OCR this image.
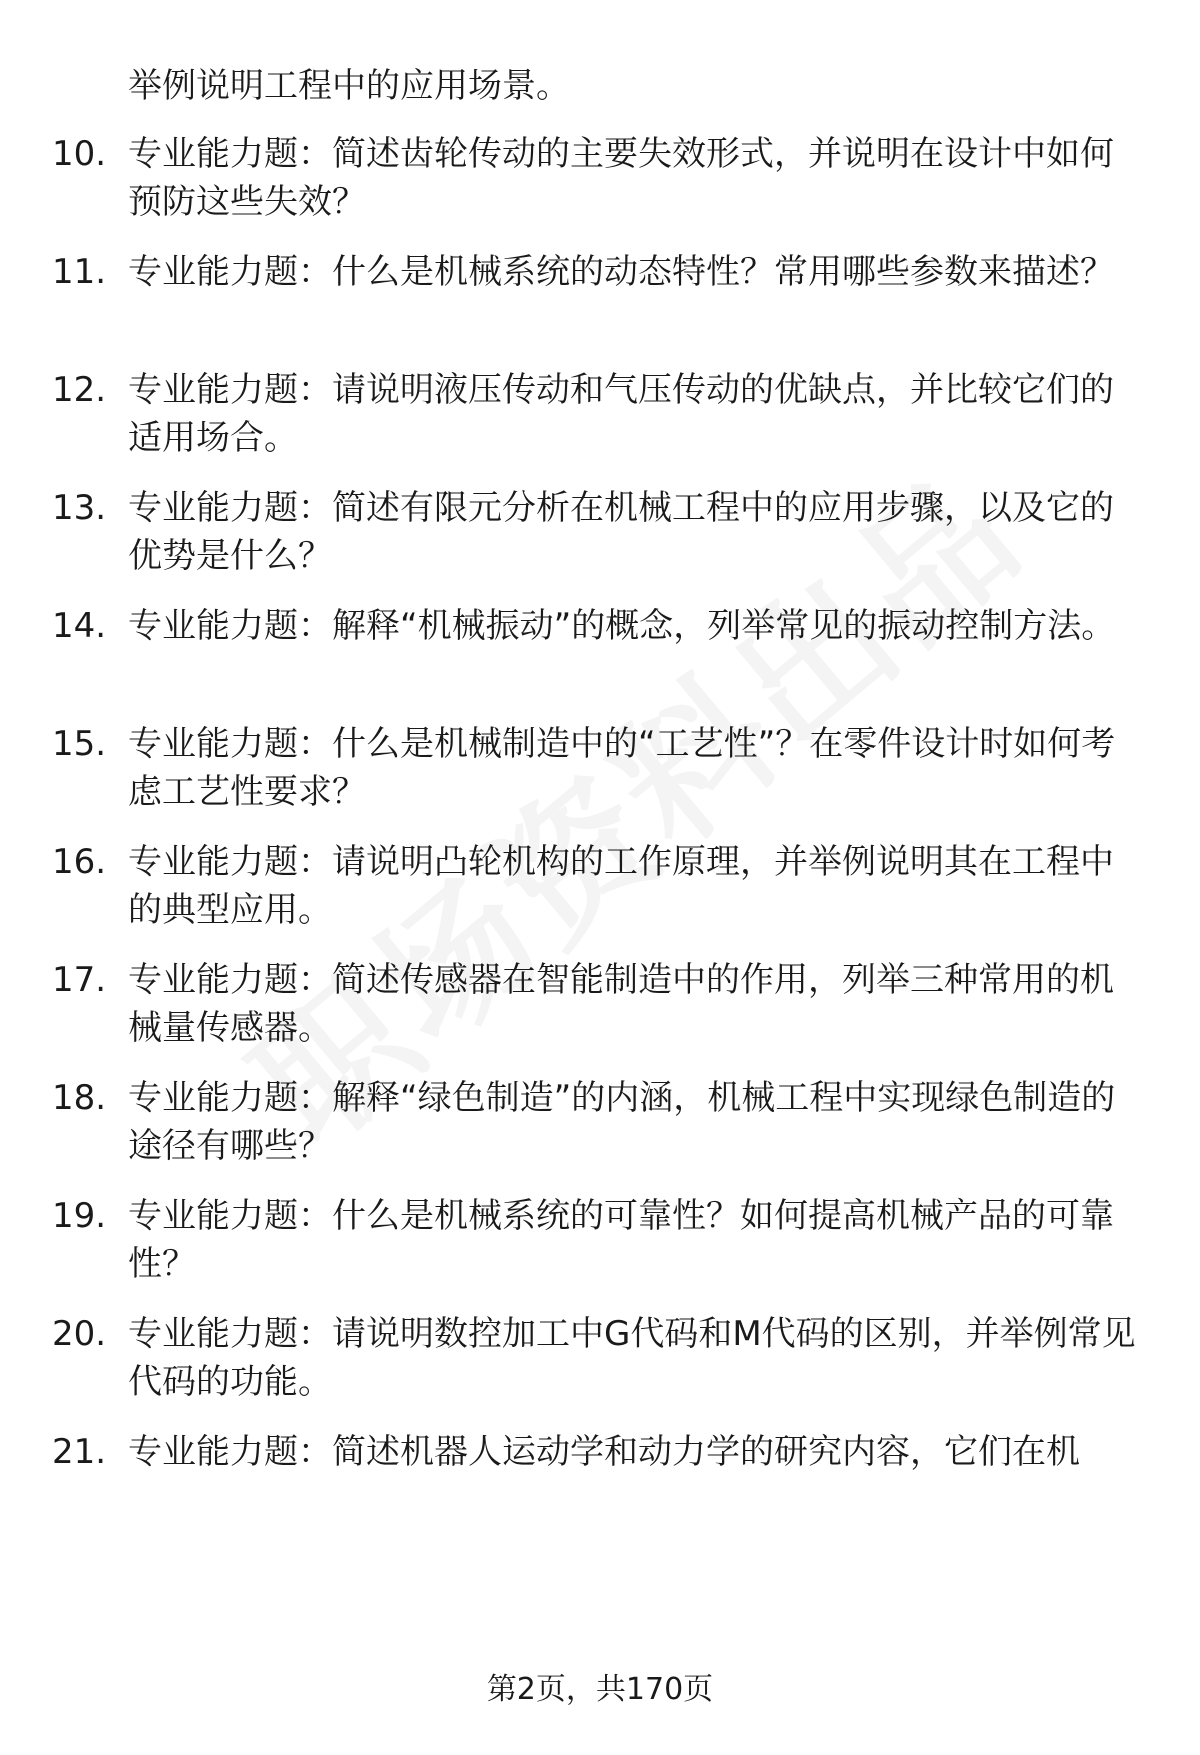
举例说明工程中的应用场景。
10. 专业能力题：简述齿轮传动的主要失效形式，并说明在设计中如何预防这些失效？
11. 专业能力题：什么是机械系统的动态特性？常用哪些参数来描述？
12. 专业能力题：请说明液压传动和气压传动的优缺点，并比较它们的适用场合。
13. 专业能力题：简述有限元分析在机械工程中的应用步骤，以及它的优势是什么？
14. 专业能力题：解释“机械振动”的概念，列举常见的振动控制方法。
15. 专业能力题：什么是机械制造中的“工艺性”？在零件设计时如何考虑工艺性要求？
16. 专业能力题：请说明凸轮机构的工作原理，并举例说明其在工程中的典型应用。
17. 专业能力题：简述传感器在智能制造中的作用，列举三种常用的机械量传感器。
18. 专业能力题：解释“绿色制造”的内涵，机械工程中实现绿色制造的途径有哪些？
19. 专业能力题：什么是机械系统的可靠性？如何提高机械产品的可靠性？
20. 专业能力题：请说明数控加工中G代码和M代码的区别，并举例常见代码的功能。
21. 专业能力题：简述机器人运动学和动力学的研究内容，它们在机
第2页，共170页
